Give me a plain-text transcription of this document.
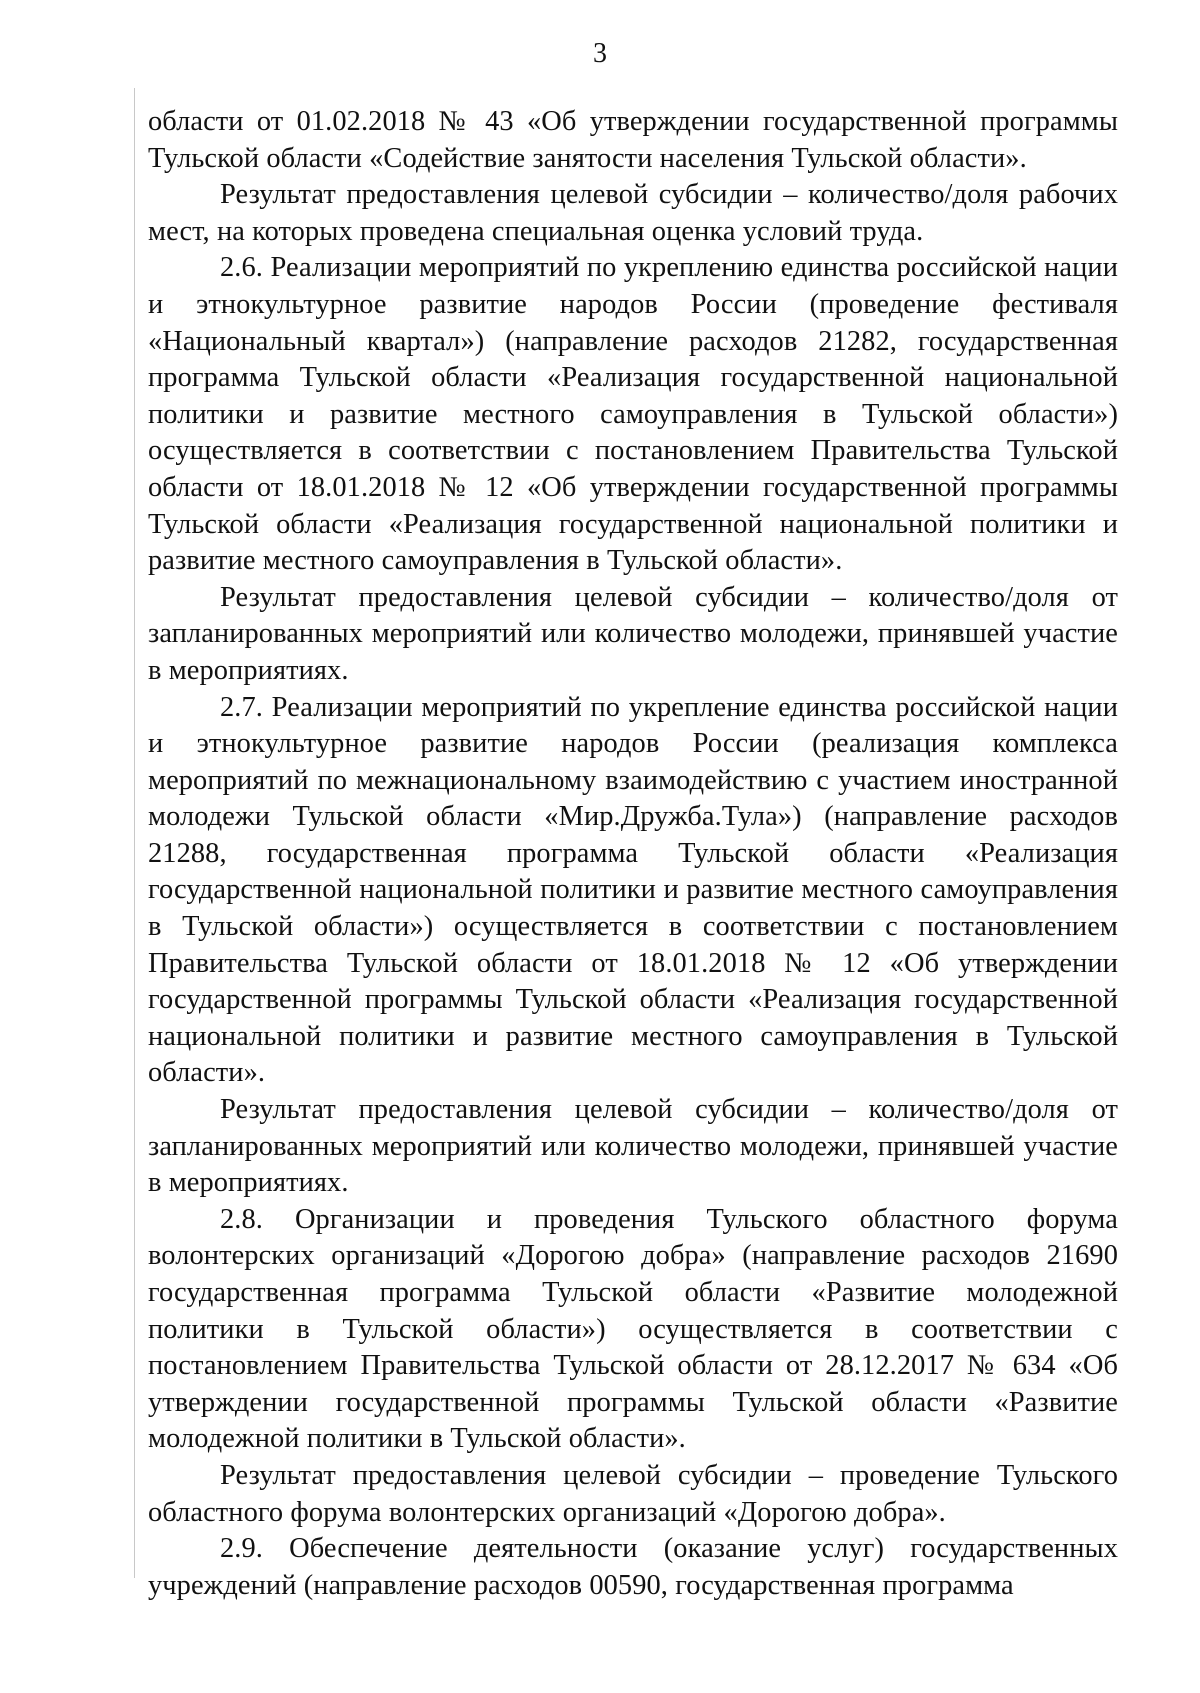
3

области от 01.02.2018 № 43 «Об утверждении государственной программы Тульской области «Содействие занятости населения Тульской области».

Результат предоставления целевой субсидии – количество/доля рабочих мест, на которых проведена специальная оценка условий труда.

2.6. Реализации мероприятий по укреплению единства российской нации и этнокультурное развитие народов России (проведение фестиваля «Национальный квартал») (направление расходов 21282, государственная программа Тульской области «Реализация государственной национальной политики и развитие местного самоуправления в Тульской области») осуществляется в соответствии с постановлением Правительства Тульской области от 18.01.2018 № 12 «Об утверждении государственной программы Тульской области «Реализация государственной национальной политики и развитие местного самоуправления в Тульской области».

Результат предоставления целевой субсидии – количество/доля от запланированных мероприятий или количество молодежи, принявшей участие в мероприятиях.

2.7. Реализации мероприятий по укрепление единства российской нации и этнокультурное развитие народов России (реализация комплекса мероприятий по межнациональному взаимодействию с участием иностранной молодежи Тульской области «Мир.Дружба.Тула») (направление расходов 21288, государственная программа Тульской области «Реализация государственной национальной политики и развитие местного самоуправления в Тульской области») осуществляется в соответствии с постановлением Правительства Тульской области от 18.01.2018 № 12 «Об утверждении государственной программы Тульской области «Реализация государственной национальной политики и развитие местного самоуправления в Тульской области».

Результат предоставления целевой субсидии – количество/доля от запланированных мероприятий или количество молодежи, принявшей участие в мероприятиях.

2.8. Организации и проведения Тульского областного форума волонтерских организаций «Дорогою добра» (направление расходов 21690 государственная программа Тульской области «Развитие молодежной политики в Тульской области») осуществляется в соответствии с постановлением Правительства Тульской области от 28.12.2017 № 634 «Об утверждении государственной программы Тульской области «Развитие молодежной политики в Тульской области».

Результат предоставления целевой субсидии – проведение Тульского областного форума волонтерских организаций «Дорогою добра».

2.9. Обеспечение деятельности (оказание услуг) государственных учреждений (направление расходов 00590, государственная программа
